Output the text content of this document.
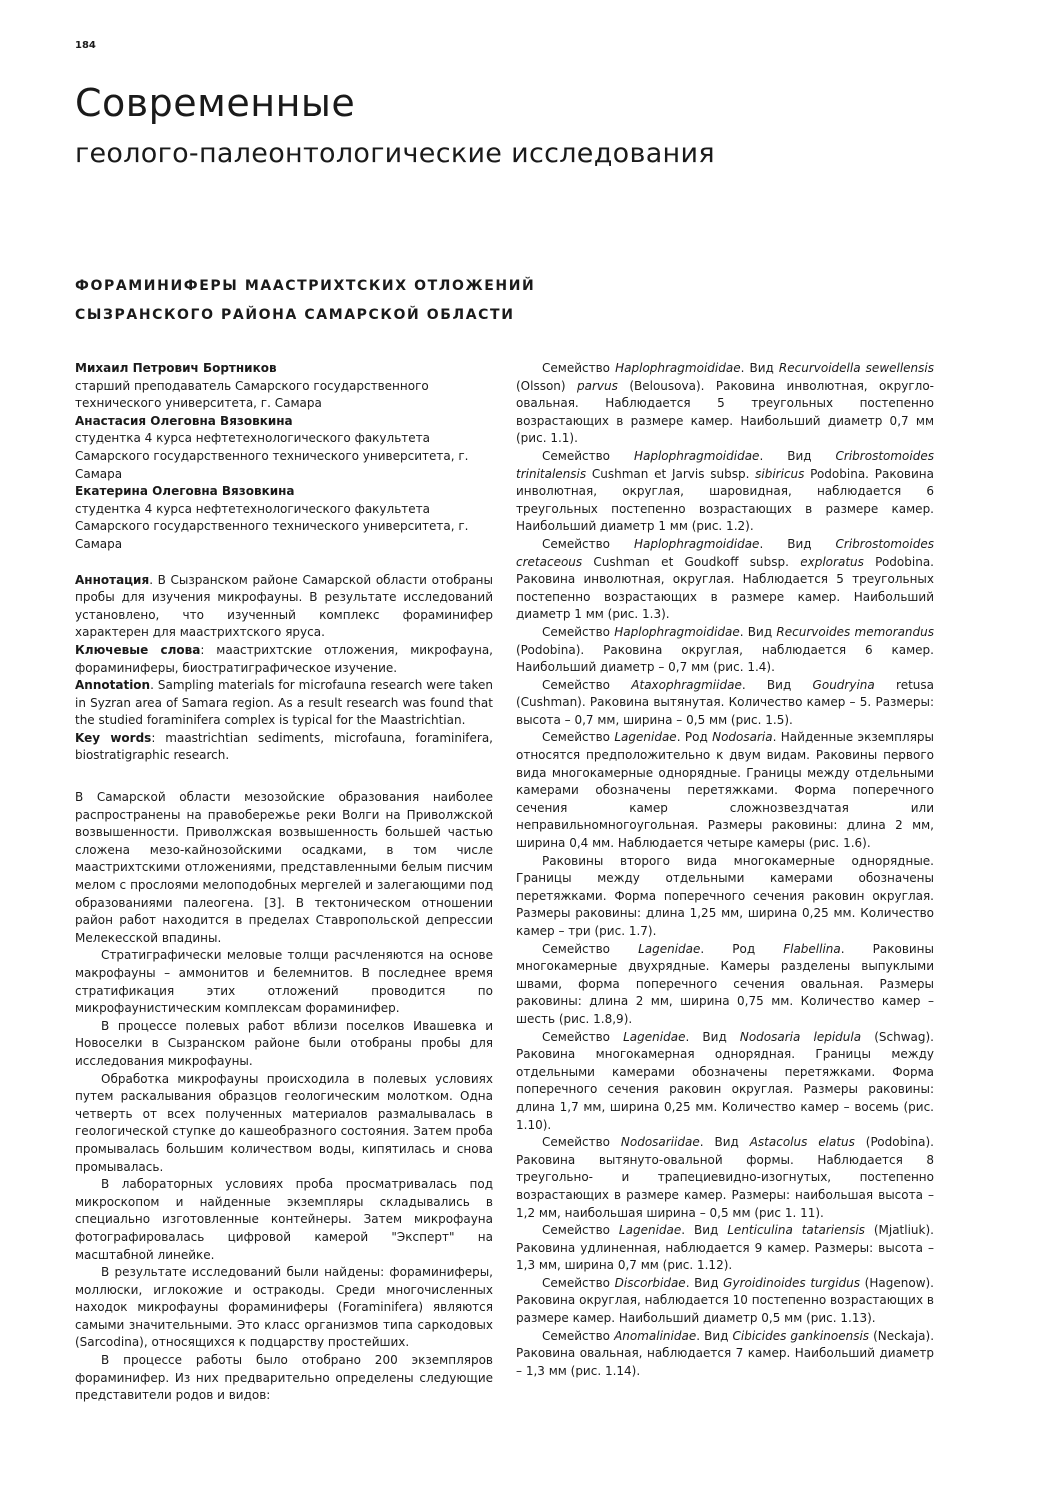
184
Современные
геолого-палеонтологические исследования
ФОРАМИНИФЕРЫ МААСТРИХТСКИХ ОТЛОЖЕНИЙ
СЫЗРАНСКОГО РАЙОНА САМАРСКОЙ ОБЛАСТИ

Михаил Петрович Бортников

старший преподаватель Самарского государственного технического университета, г. Самара

Анастасия Олеговна Вязовкина

студентка 4 курса нефтетехнологического факультета Самарского государственного технического университета, г. Самара

Екатерина Олеговна Вязовкина

студентка 4 курса нефтетехнологического факультета Самарского государственного технического университета, г. Самара

Аннотация. В Сызранском районе Самарской области отобраны пробы для изучения микрофауны. В результате исследований установлено, что изученный комплекс фораминифер характерен для маастрихтского яруса.

Ключевые слова: маастрихтские отложения, микрофауна, фораминиферы, биостратиграфическое изучение.

Annotation. Sampling materials for microfauna research were taken in Syzran area of Samara region. As a result research was found that the studied foraminifera complex is typical for the Maastrichtian.

Key words: maastrichtian sediments, microfauna, foraminifera, biostratigraphic research.

В Самарской области мезозойские образования наиболее распространены на правобережье реки Волги на Приволжской возвышенности. Приволжская возвышенность большей частью сложена мезо-кайнозойскими осадками, в том числе маастрихтскими отложениями, представленными белым писчим мелом с прослоями мелоподобных мергелей и залегающими под образованиями палеогена. [3]. В тектоническом отношении район работ находится в пределах Ставропольской депрессии Мелекесской впадины.

Стратиграфически меловые толщи расчленяются на основе макрофауны – аммонитов и белемнитов. В последнее время стратификация этих отложений проводится по микрофаунистическим комплексам фораминифер.

В процессе полевых работ вблизи поселков Ивашевка и Новоселки в Сызранском районе были отобраны пробы для исследования микрофауны.

Обработка микрофауны происходила в полевых условиях путем раскалывания образцов геологическим молотком. Одна четверть от всех полученных материалов размалывалась в геологической ступке до кашеобразного состояния. Затем проба промывалась большим количеством воды, кипятилась и снова промывалась.

В лабораторных условиях проба просматривалась под микроскопом и найденные экземпляры складывались в специально изготовленные контейнеры. Затем микрофауна фотографировалась цифровой камерой "Эксперт" на масштабной линейке.

В результате исследований были найдены: фораминиферы, моллюски, иглокожие и остракоды. Среди многочисленных находок микрофауны фораминиферы (Foraminifera) являются самыми значительными. Это класс организмов типа саркодовых (Sarcodina), относящихся к подцарству простейших.

В процессе работы было отобрано 200 экземпляров фораминифер. Из них предварительно определены следующие представители родов и видов:

Семейство Haplophragmoididae. Вид Recurvoidella sewellensis (Olsson) parvus (Belousova). Раковина инволютная, округло-овальная. Наблюдается 5 треугольных постепенно возрастающих в размере камер. Наибольший диаметр 0,7 мм (рис. 1.1).

Семейство Haplophragmoididae. Вид Cribrostomoides trinitalensis Cushman et Jarvis subsp. sibiricus Podobina. Раковина инволютная, округлая, шаровидная, наблюдается 6 треугольных постепенно возрастающих в размере камер. Наибольший диаметр 1 мм (рис. 1.2).

Семейство Haplophragmoididae. Вид Cribrostomoides cretaceous Cushman et Goudkoff subsp. exploratus Podobina. Раковина инволютная, округлая. Наблюдается 5 треугольных постепенно возрастающих в размере камер. Наибольший диаметр 1 мм (рис. 1.3).

Семейство Haplophragmoididae. Вид Recurvoides memorandus (Podobina). Раковина округлая, наблюдается 6 камер. Наибольший диаметр – 0,7 мм (рис. 1.4).

Семейство Ataxophragmiidae. Вид Goudryina retusa (Cushman). Раковина вытянутая. Количество камер – 5. Размеры: высота – 0,7 мм, ширина – 0,5 мм (рис. 1.5).

Семейство Lagenidae. Род Nodosaria. Найденные экземпляры относятся предположительно к двум видам. Раковины первого вида многокамерные однорядные. Границы между отдельными камерами обозначены перетяжками. Форма поперечного сечения камер сложнозвездчатая или неправильномногоугольная. Размеры раковины: длина 2 мм, ширина 0,4 мм. Наблюдается четыре камеры (рис. 1.6).

Раковины второго вида многокамерные однорядные. Границы между отдельными камерами обозначены перетяжками. Форма поперечного сечения раковин округлая. Размеры раковины: длина 1,25 мм, ширина 0,25 мм. Количество камер – три (рис. 1.7).

Семейство Lagenidae. Род Flabellina. Раковины многокамерные двухрядные. Камеры разделены выпуклыми швами, форма поперечного сечения овальная. Размеры раковины: длина 2 мм, ширина 0,75 мм. Количество камер – шесть (рис. 1.8,9).

Семейство Lagenidae. Вид Nodosaria lepidula (Schwag). Раковина многокамерная однорядная. Границы между отдельными камерами обозначены перетяжками. Форма поперечного сечения раковин округлая. Размеры раковины: длина 1,7 мм, ширина 0,25 мм. Количество камер – восемь (рис. 1.10).

Семейство Nodosariidae. Вид Astacolus elatus (Podobina). Раковина вытянуто-овальной формы. Наблюдается 8 треугольно- и трапециевидно-изогнутых, постепенно возрастающих в размере камер. Размеры: наибольшая высота – 1,2 мм, наибольшая ширина – 0,5 мм (рис 1. 11).

Семейство Lagenidae. Вид Lenticulina tatariensis (Mjatliuk). Раковина удлиненная, наблюдается 9 камер. Размеры: высота – 1,3 мм, ширина 0,7 мм (рис. 1.12).

Семейство Discorbidae. Вид Gyroidinoides turgidus (Hagenow). Раковина округлая, наблюдается 10 постепенно возрастающих в размере камер. Наибольший диаметр 0,5 мм (рис. 1.13).

Семейство Anomalinidae. Вид Cibicides gankinoensis (Neckaja). Раковина овальная, наблюдается 7 камер. Наибольший диаметр – 1,3 мм (рис. 1.14).
